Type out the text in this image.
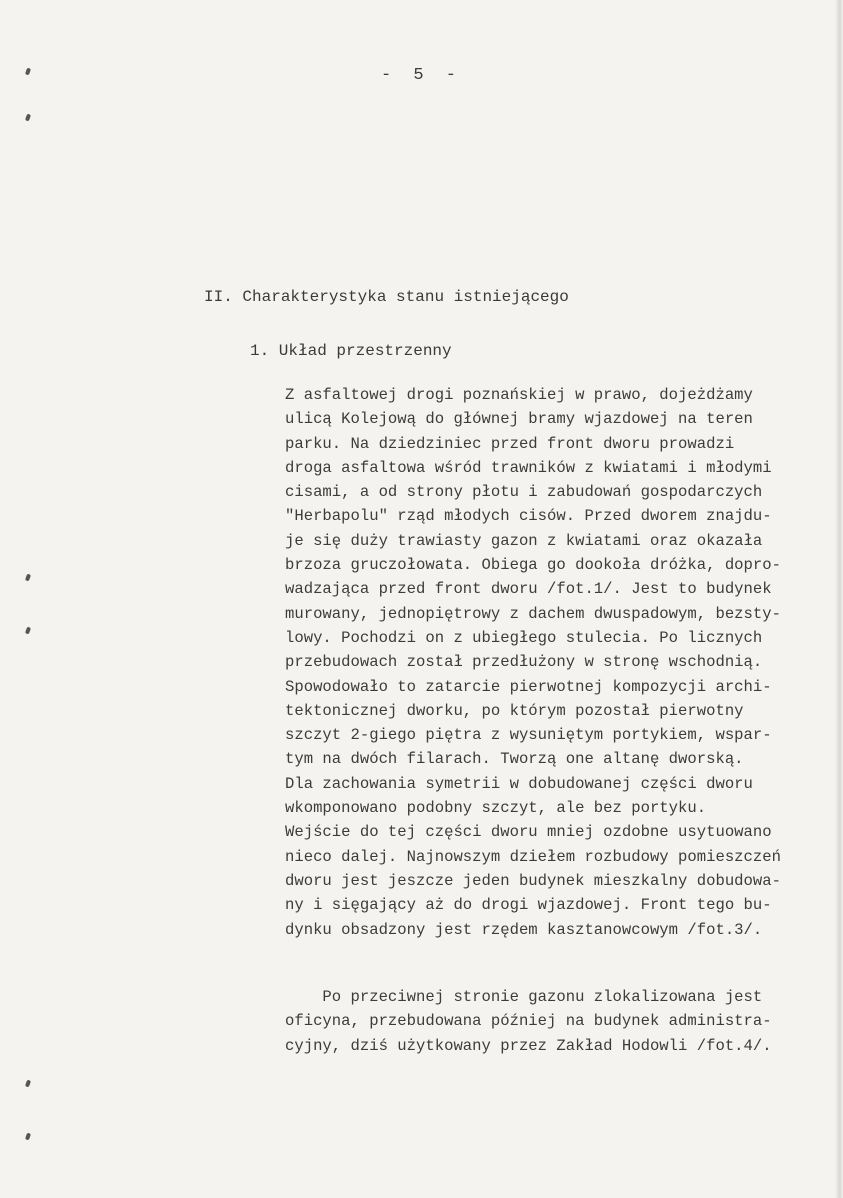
- 5 -
II. Charakterystyka stanu istniejącego
1. Układ przestrzenny
Z asfaltowej drogi poznańskiej w prawo, dojeżdżamy
ulicą Kolejową do głównej bramy wjazdowej na teren
parku. Na dziedziniec przed front dworu prowadzi
droga asfaltowa wśród trawników z kwiatami i młodymi
cisami, a od strony płotu i zabudowań gospodarczych
"Herbapolu" rząd młodych cisów. Przed dworem znajdu-
je się duży trawiasty gazon z kwiatami oraz okazała
brzoza gruczołowata. Obiega go dookoła dróżka, dopro-
wadzająca przed front dworu /fot.1/. Jest to budynek
murowany, jednopiętrowy z dachem dwuspadowym, bezsty-
lowy. Pochodzi on z ubiegłego stulecia. Po licznych
przebudowach został przedłużony w stronę wschodnią.
Spowodowało to zatarcie pierwotnej kompozycji archi-
tektonicznej dworku, po którym pozostał pierwotny
szczyt 2-giego piętra z wysuniętym portykiem, wspar-
tym na dwóch filarach. Tworzą one altanę dworską.
Dla zachowania symetrii w dobudowanej części dworu
wkomponowano podobny szczyt, ale bez portyku.
Wejście do tej części dworu mniej ozdobne usytuowano
nieco dalej. Najnowszym dziełem rozbudowy pomieszczeń
dworu jest jeszcze jeden budynek mieszkalny dobudowa-
ny i sięgający aż do drogi wjazdowej. Front tego bu-
dynku obsadzony jest rzędem kasztanowcowym /fot.3/.
Po przeciwnej stronie gazonu zlokalizowana jest
oficyna, przebudowana później na budynek administra-
cyjny, dziś użytkowany przez Zakład Hodowli /fot.4/.
